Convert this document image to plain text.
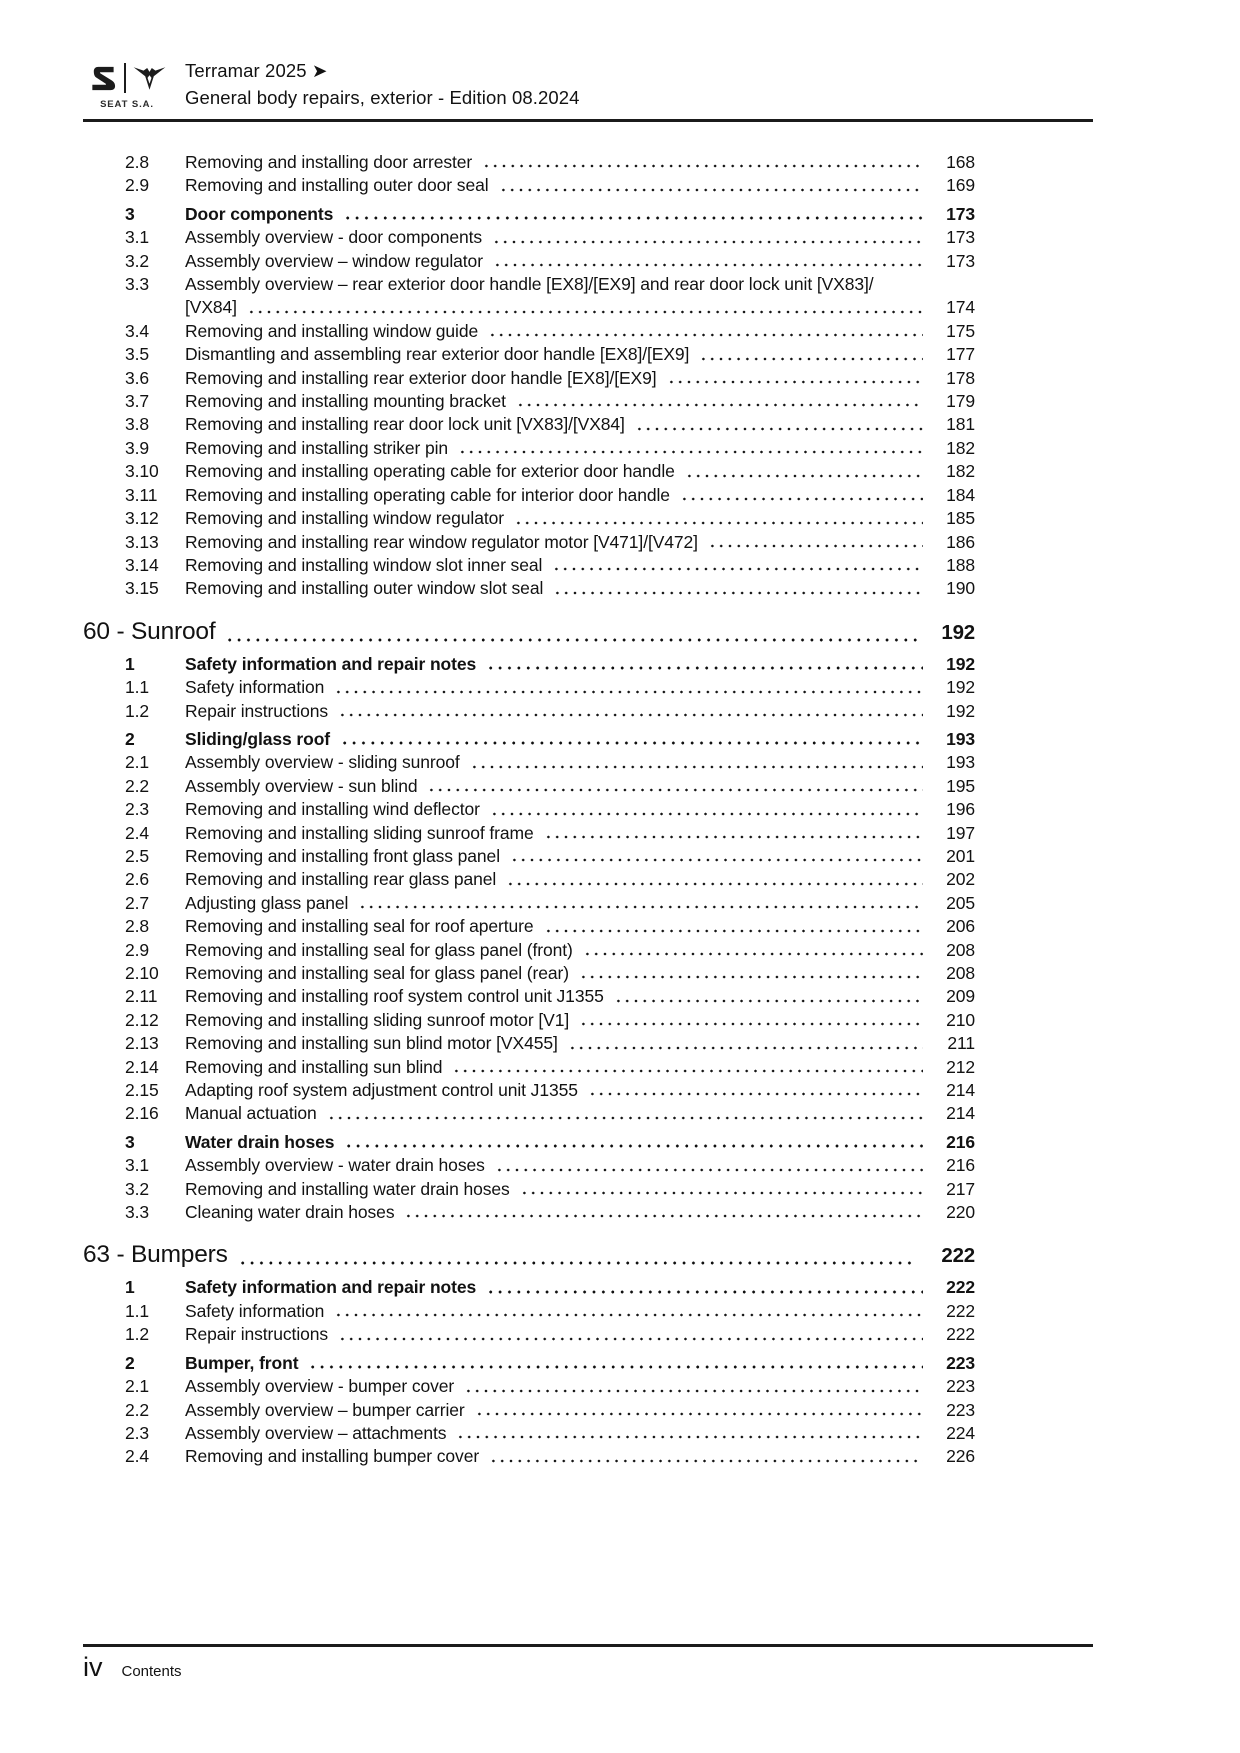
SEAT S.A.
Terramar 2025 ➤
General body repairs, exterior - Edition 08.2024
2.8	Removing and installing door arrester	168
2.9	Removing and installing outer door seal	169
3	Door components	173
3.1	Assembly overview - door components	173
3.2	Assembly overview – window regulator	173
3.3	Assembly overview – rear exterior door handle [EX8]/[EX9] and rear door lock unit [VX83]/
[VX84]	174
3.4	Removing and installing window guide	175
3.5	Dismantling and assembling rear exterior door handle [EX8]/[EX9]	177
3.6	Removing and installing rear exterior door handle [EX8]/[EX9]	178
3.7	Removing and installing mounting bracket	179
3.8	Removing and installing rear door lock unit [VX83]/[VX84]	181
3.9	Removing and installing striker pin	182
3.10	Removing and installing operating cable for exterior door handle	182
3.11	Removing and installing operating cable for interior door handle	184
3.12	Removing and installing window regulator	185
3.13	Removing and installing rear window regulator motor [V471]/[V472]	186
3.14	Removing and installing window slot inner seal	188
3.15	Removing and installing outer window slot seal	190
60 - Sunroof	192
1	Safety information and repair notes	192
1.1	Safety information	192
1.2	Repair instructions	192
2	Sliding/glass roof	193
2.1	Assembly overview - sliding sunroof	193
2.2	Assembly overview - sun blind	195
2.3	Removing and installing wind deflector	196
2.4	Removing and installing sliding sunroof frame	197
2.5	Removing and installing front glass panel	201
2.6	Removing and installing rear glass panel	202
2.7	Adjusting glass panel	205
2.8	Removing and installing seal for roof aperture	206
2.9	Removing and installing seal for glass panel (front)	208
2.10	Removing and installing seal for glass panel (rear)	208
2.11	Removing and installing roof system control unit J1355	209
2.12	Removing and installing sliding sunroof motor [V1]	210
2.13	Removing and installing sun blind motor [VX455]	211
2.14	Removing and installing sun blind	212
2.15	Adapting roof system adjustment control unit J1355	214
2.16	Manual actuation	214
3	Water drain hoses	216
3.1	Assembly overview - water drain hoses	216
3.2	Removing and installing water drain hoses	217
3.3	Cleaning water drain hoses	220
63 - Bumpers	222
1	Safety information and repair notes	222
1.1	Safety information	222
1.2	Repair instructions	222
2	Bumper, front	223
2.1	Assembly overview - bumper cover	223
2.2	Assembly overview – bumper carrier	223
2.3	Assembly overview – attachments	224
2.4	Removing and installing bumper cover	226
iv Contents
